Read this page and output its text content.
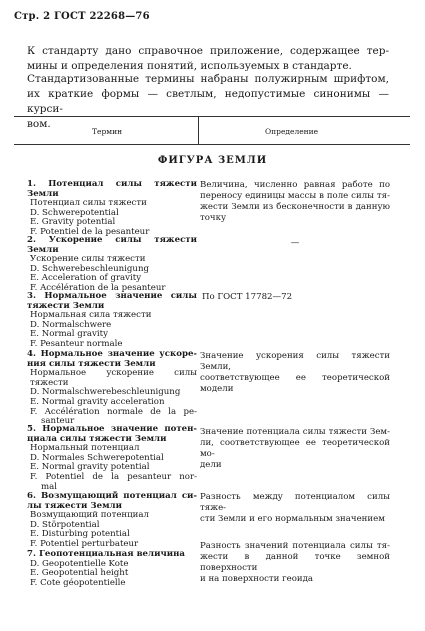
Стр. 2 ГОСТ 22268—76
К стандарту дано справочное приложение, содержащее тер-
мины и определения понятий, используемых в стандарте.
Стандартизованные термины набраны полужирным шрифтом,
их краткие формы — светлым, недопустимые синонимы — курси-
вом.
Термин	Определение
ФИГУРА ЗЕМЛИ
1. Потенциал силы тяжести
Земли
Потенциал силы тяжести
D. Schwerepotential
E. Gravity potential
F. Potentiel de la pesanteur
Величина, численно равная работе по
переносу единицы массы в поле силы тя-
жести Земли из бесконечности в данную
точку
2. Ускорение силы тяжести
Земли
Ускорение силы тяжести
D. Schwerebeschleunigung
E. Acceleration of gravity
F. Accélération de la pesanteur
—
3. Нормальное значение силы
тяжести Земли
Нормальная сила тяжести
D. Normalschwere
E. Normal gravity
F. Pesanteur normale
По ГОСТ 17782—72
4. Нормальное значение ускоре-
ния силы тяжести Земли
Нормальное ускорение силы
тяжести
D. Normalschwerebeschleunigung
E. Normal gravity acceleration
F. Accélération normale de la pe-
santeur
Значение ускорения силы тяжести Земли,
соответствующее ее теоретической модели
5. Нормальное значение потен-
циала силы тяжести Земли
Нормальный потенциал
D. Normales Schwerepotential
E. Normal gravity potential
F. Potentiel de la pesanteur nor-
mal
Значение потенциала силы тяжести Зем-
ли, соответствующее ее теоретической мо-
дели
6. Возмущающий потенциал си-
лы тяжести Земли
Возмущающий потенциал
D. Störpotential
E. Disturbing potential
F. Potentiel perturbateur
Разность между потенциалом силы тяже-
сти Земли и его нормальным значением
7. Геопотенциальная величина
D. Geopotentielle Kote
E. Geopotential height
F. Cote géopotentielle
Разность значений потенциала силы тя-
жести в данной точке земной поверхности
и на поверхности геоида
